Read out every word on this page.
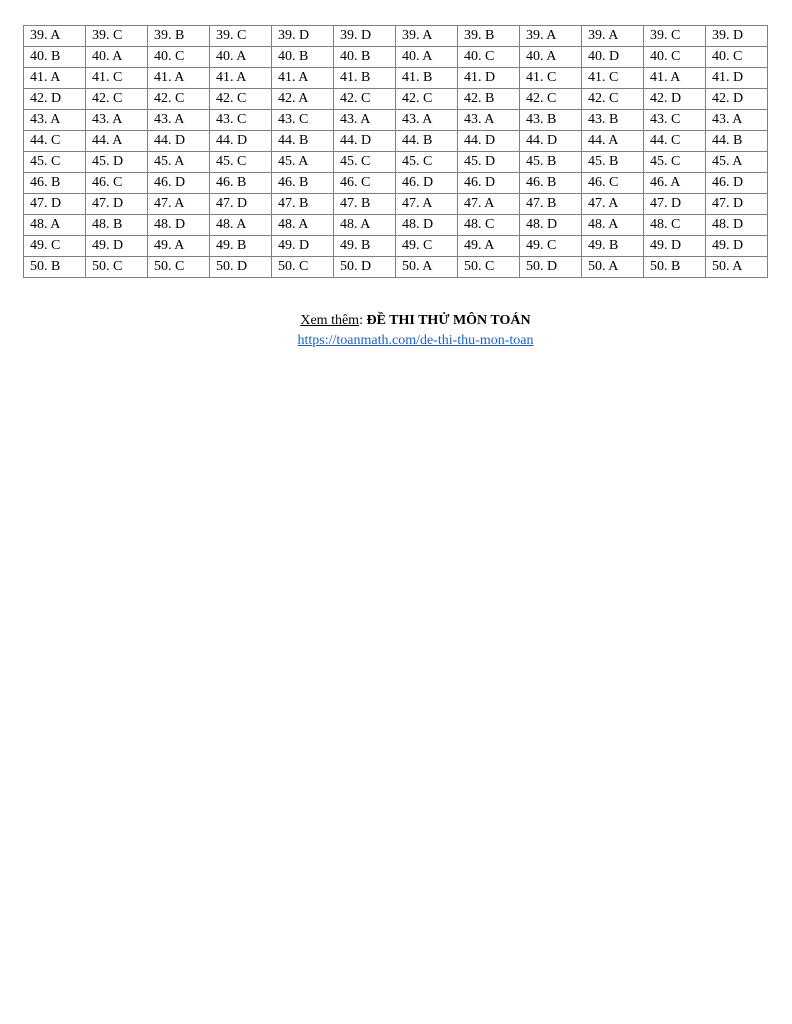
39. A	39. C	39. B	39. C	39. D	39. D	39. A	39. B	39. A	39. A	39. C	39. D
40. B	40. A	40. C	40. A	40. B	40. B	40. A	40. C	40. A	40. D	40. C	40. C
41. A	41. C	41. A	41. A	41. A	41. B	41. B	41. D	41. C	41. C	41. A	41. D
42. D	42. C	42. C	42. C	42. A	42. C	42. C	42. B	42. C	42. C	42. D	42. D
43. A	43. A	43. A	43. C	43. C	43. A	43. A	43. A	43. B	43. B	43. C	43. A
44. C	44. A	44. D	44. D	44. B	44. D	44. B	44. D	44. D	44. A	44. C	44. B
45. C	45. D	45. A	45. C	45. A	45. C	45. C	45. D	45. B	45. B	45. C	45. A
46. B	46. C	46. D	46. B	46. B	46. C	46. D	46. D	46. B	46. C	46. A	46. D
47. D	47. D	47. A	47. D	47. B	47. B	47. A	47. A	47. B	47. A	47. D	47. D
48. A	48. B	48. D	48. A	48. A	48. A	48. D	48. C	48. D	48. A	48. C	48. D
49. C	49. D	49. A	49. B	49. D	49. B	49. C	49. A	49. C	49. B	49. D	49. D
50. B	50. C	50. C	50. D	50. C	50. D	50. A	50. C	50. D	50. A	50. B	50. A
Xem thêm: ĐỀ THI THỬ MÔN TOÁN
https://toanmath.com/de-thi-thu-mon-toan
